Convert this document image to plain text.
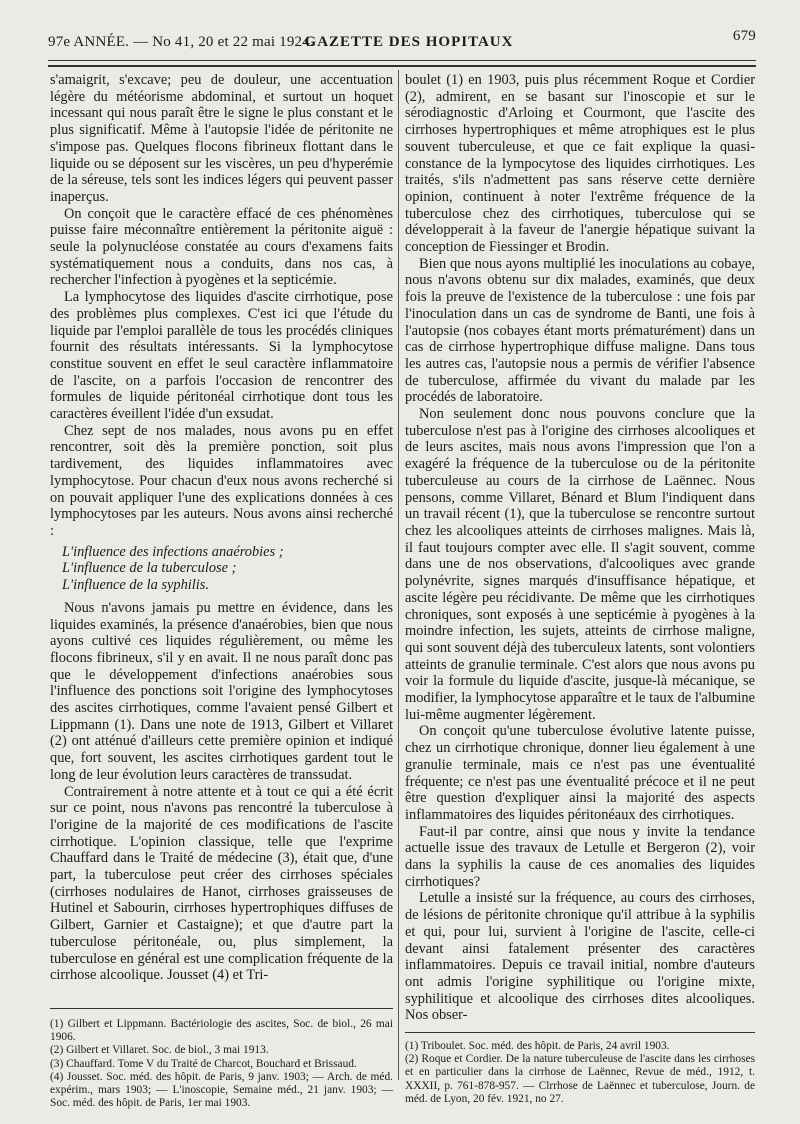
97e ANNÉE. — No 41, 20 et 22 mai 1924.
GAZETTE DES HOPITAUX	679

s'amaigrit, s'excave; peu de douleur, une accentuation légère du météorisme abdominal, et surtout un hoquet incessant qui nous paraît être le signe le plus constant et le plus significatif. Même à l'autopsie l'idée de péritonite ne s'impose pas. Quelques flocons fibrineux flottant dans le liquide ou se déposent sur les viscères, un peu d'hyperémie de la séreuse, tels sont les indices légers qui peuvent passer inaperçus.

On conçoit que le caractère effacé de ces phénomènes puisse faire méconnaître entièrement la péritonite aiguë : seule la polynucléose constatée au cours d'examens faits systématiquement nous a conduits, dans nos cas, à rechercher l'infection à pyogènes et la septicémie.

La lymphocytose des liquides d'ascite cirrhotique, pose des problèmes plus complexes. C'est ici que l'étude du liquide par l'emploi parallèle de tous les procédés cliniques fournit des résultats intéressants. Si la lymphocytose constitue souvent en effet le seul caractère inflammatoire de l'ascite, on a parfois l'occasion de rencontrer des formules de liquide péritonéal cirrhotique dont tous les caractères éveillent l'idée d'un exsudat.

Chez sept de nos malades, nous avons pu en effet rencontrer, soit dès la première ponction, soit plus tardivement, des liquides inflammatoires avec lymphocytose. Pour chacun d'eux nous avons recherché si on pouvait appliquer l'une des explications données à ces lymphocytoses par les auteurs. Nous avons ainsi recherché :

L'influence des infections anaérobies ;
L'influence de la tuberculose ;
L'influence de la syphilis.

Nous n'avons jamais pu mettre en évidence, dans les liquides examinés, la présence d'anaérobies, bien que nous ayons cultivé ces liquides régulièrement, ou même les flocons fibrineux, s'il y en avait. Il ne nous paraît donc pas que le développement d'infections anaérobies sous l'influence des ponctions soit l'origine des lymphocytoses des ascites cirrhotiques, comme l'avaient pensé Gilbert et Lippmann (1). Dans une note de 1913, Gilbert et Villaret (2) ont atténué d'ailleurs cette première opinion et indiqué que, fort souvent, les ascites cirrhotiques gardent tout le long de leur évolution leurs caractères de transsudat.

Contrairement à notre attente et à tout ce qui a été écrit sur ce point, nous n'avons pas rencontré la tuberculose à l'origine de la majorité de ces modifications de l'ascite cirrhotique. L'opinion classique, telle que l'exprime Chauffard dans le Traité de médecine (3), était que, d'une part, la tuberculose peut créer des cirrhoses spéciales (cirrhoses nodulaires de Hanot, cirrhoses graisseuses de Hutinel et Sabourin, cirrhoses hypertrophiques diffuses de Gilbert, Garnier et Castaigne); et que d'autre part la tuberculose péritonéale, ou, plus simplement, la tuberculose en général est une complication fréquente de la cirrhose alcoolique. Jousset (4) et Tri-

boulet (1) en 1903, puis plus récemment Roque et Cordier (2), admirent, en se basant sur l'inoscopie et sur le sérodiagnostic d'Arloing et Courmont, que l'ascite des cirrhoses hypertrophiques et même atrophiques est le plus souvent tuberculeuse, et que ce fait explique la quasi-constance de la lympocytose des liquides cirrhotiques. Les traités, s'ils n'admettent pas sans réserve cette dernière opinion, continuent à noter l'extrême fréquence de la tuberculose chez des cirrhotiques, tuberculose qui se développerait à la faveur de l'anergie hépatique suivant la conception de Fiessinger et Brodin.

Bien que nous ayons multiplié les inoculations au cobaye, nous n'avons obtenu sur dix malades, examinés, que deux fois la preuve de l'existence de la tuberculose : une fois par l'inoculation dans un cas de syndrome de Banti, une fois à l'autopsie (nos cobayes étant morts prématurément) dans un cas de cirrhose hypertrophique diffuse maligne. Dans tous les autres cas, l'autopsie nous a permis de vérifier l'absence de tuberculose, affirmée du vivant du malade par les procédés de laboratoire.

Non seulement donc nous pouvons conclure que la tuberculose n'est pas à l'origine des cirrhoses alcooliques et de leurs ascites, mais nous avons l'impression que l'on a exagéré la fréquence de la tuberculose ou de la péritonite tuberculeuse au cours de la cirrhose de Laënnec. Nous pensons, comme Villaret, Bénard et Blum l'indiquent dans un travail récent (1), que la tuberculose se rencontre surtout chez les alcooliques atteints de cirrhoses malignes. Mais là, il faut toujours compter avec elle. Il s'agit souvent, comme dans une de nos observations, d'alcooliques avec grande polynévrite, signes marqués d'insuffisance hépatique, et ascite légère peu récidivante. De même que les cirrhotiques chroniques, sont exposés à une septicémie à pyogènes à la moindre infection, les sujets, atteints de cirrhose maligne, qui sont souvent déjà des tuberculeux latents, sont volontiers atteints de granulie terminale. C'est alors que nous avons pu voir la formule du liquide d'ascite, jusque-là mécanique, se modifier, la lymphocytose apparaître et le taux de l'albumine lui-même augmenter légèrement.

On conçoit qu'une tuberculose évolutive latente puisse, chez un cirrhotique chronique, donner lieu également à une granulie terminale, mais ce n'est pas une éventualité fréquente; ce n'est pas une éventualité précoce et il ne peut être question d'expliquer ainsi la majorité des aspects inflammatoires des liquides péritonéaux des cirrhotiques.

Faut-il par contre, ainsi que nous y invite la tendance actuelle issue des travaux de Letulle et Bergeron (2), voir dans la syphilis la cause de ces anomalies des liquides cirrhotiques?

Letulle a insisté sur la fréquence, au cours des cirrhoses, de lésions de péritonite chronique qu'il attribue à la syphilis et qui, pour lui, survient à l'origine de l'ascite, celle-ci devant ainsi fatalement présenter des caractères inflammatoires. Depuis ce travail initial, nombre d'auteurs ont admis l'origine syphilitique ou l'origine mixte, syphilitique et alcoolique des cirrhoses dites alcooliques. Nos obser-

(1) Gilbert et Lippmann. Bactériologie des ascites, Soc. de biol., 26 mai 1906.
(2) Gilbert et Villaret. Soc. de biol., 3 mai 1913.
(3) Chauffard. Tome V du Traité de Charcot, Bouchard et Brissaud.
(4) Jousset. Soc. méd. des hôpit. de Paris, 9 janv. 1903; — Arch. de méd. expérim., mars 1903; — L'inoscopie, Semaine méd., 21 janv. 1903; — Soc. méd. des hôpit. de Paris, 1er mai 1903.
(1) Triboulet. Soc. méd. des hôpit. de Paris, 24 avril 1903.
(2) Roque et Cordier. De la nature tuberculeuse de l'ascite dans les cirrhoses et en particulier dans la cirrhose de Laënnec, Revue de méd., 1912, t. XXXII, p. 761-878-957. — Clrrhose de Laënnec et tuberculose, Journ. de méd. de Lyon, 20 fév. 1921, no 27.
